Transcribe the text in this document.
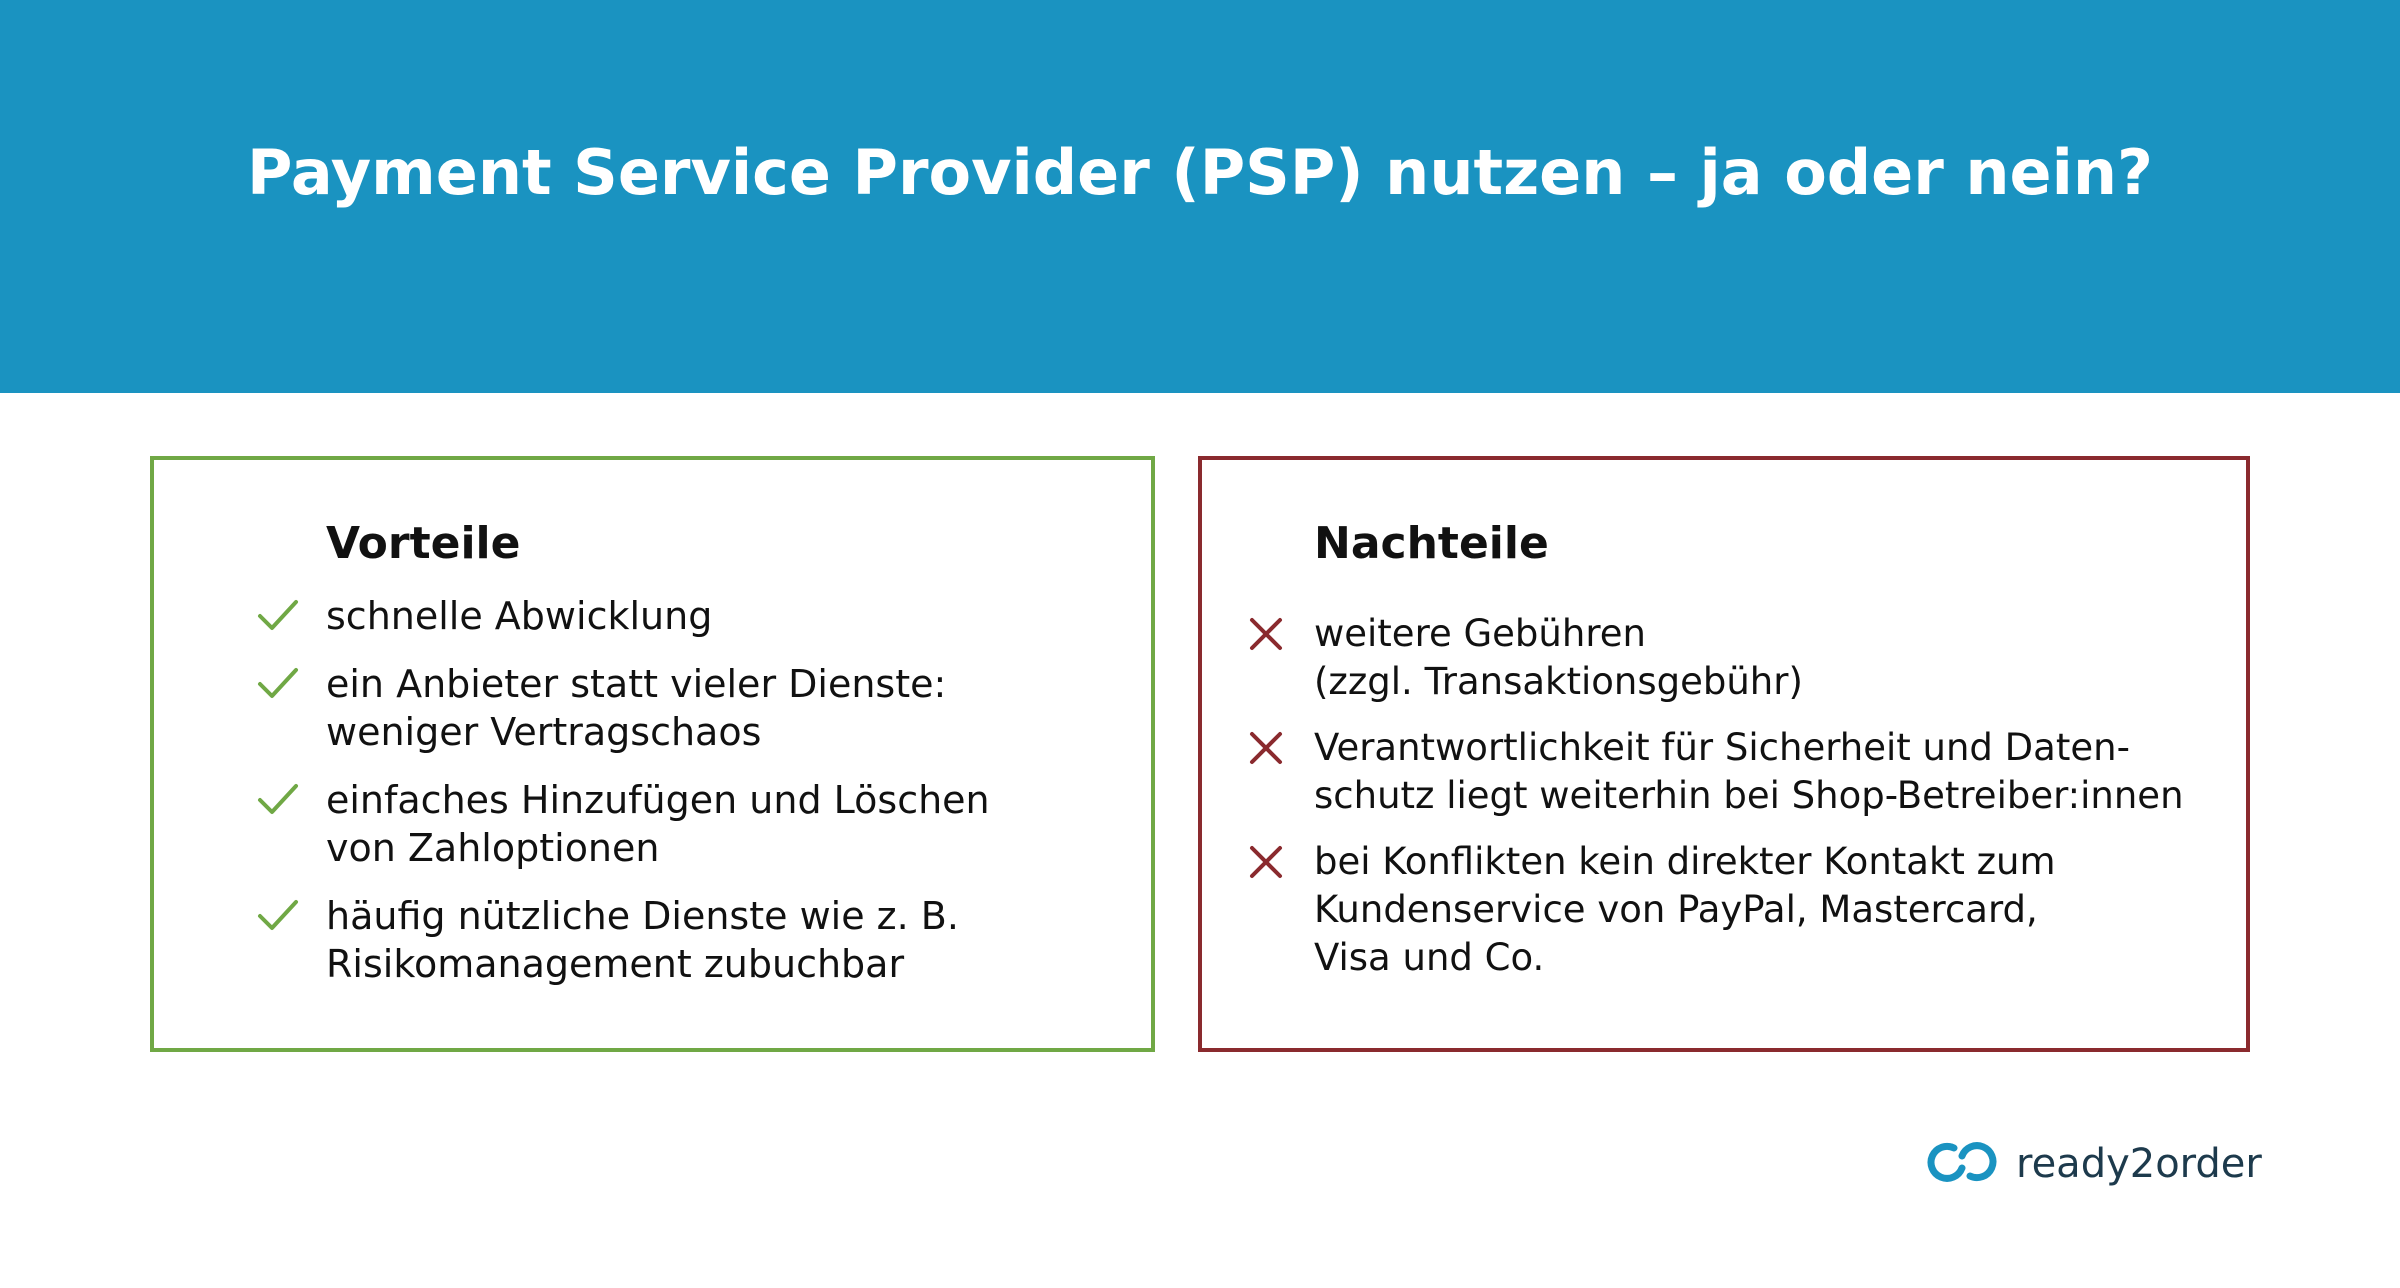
Payment Service Provider (PSP) nutzen – ja oder nein?
Vorteile
schnelle Abwicklung
ein Anbieter statt vieler Dienste:
weniger Vertragschaos
einfaches Hinzufügen und Löschen
von Zahloptionen
häufig nützliche Dienste wie z. B.
Risikomanagement zubuchbar
Nachteile
weitere Gebühren
(zzgl. Transaktionsgebühr)
Verantwortlichkeit für Sicherheit und Daten-
schutz liegt weiterhin bei Shop-Betreiber:innen
bei Konflikten kein direkter Kontakt zum
Kundenservice von PayPal, Mastercard,
Visa und Co.
ready2order
